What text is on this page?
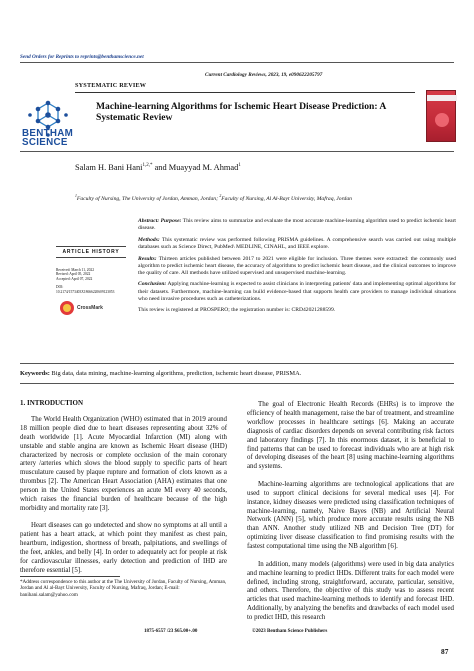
Send Orders for Reprints to reprints@benthamscience.net
Current Cardiology Reviews, 2023, 19, e090622205797
SYSTEMATIC REVIEW
BENTHAM SCIENCE
Machine-learning Algorithms for Ischemic Heart Disease Prediction: A Systematic Review
Salam H. Bani Hani$^{1,2,*}$ and Muayyad M. Ahmad$^1$
$^1$Faculty of Nursing, The University of Jordan, Amman, Jordan; $^2$Faculty of Nursing, Al Al-Bayt University, Mafraq, Jordan
ARTICLE HISTORY
Received: March 11, 2022
Revised: April 05, 2022
Accepted: April 07, 2022
DOI:
10.2174/1573403X18666220609123053
CrossMark

Abstract: Purpose: This review aims to summarize and evaluate the most accurate machine-learning algorithm used to predict ischemic heart disease.

Methods: This systematic review was performed following PRISMA guidelines. A comprehensive search was carried out using multiple databases such as Science Direct, PubMed\ MEDLINE, CINAHL, and IEEE explore.

Results: Thirteen articles published between 2017 to 2021 were eligible for inclusion. Three themes were extracted: the commonly used algorithm to predict ischemic heart disease, the accuracy of algorithms to predict ischemic heart disease, and the clinical outcomes to improve the quality of care. All methods have utilized supervised and unsupervised machine-learning.

Conclusion: Applying machine-learning is expected to assist clinicians in interpreting patients' data and implementing optimal algorithms for their datasets. Furthermore, machine-learning can build evidence-based that supports health care providers to manage individual situations who need invasive procedures such as catheterizations.

This review is registered at PROSPERO; the registration number is: CRD42021288599.

Keywords: Big data, data mining, machine-learning algorithms, prediction, ischemic heart disease, PRISMA.
1. INTRODUCTION

The World Health Organization (WHO) estimated that in 2019 around 18 million people died due to heart diseases representing about 32% of death worldwide [1]. Acute Myocardial Infarction (MI) along with unstable and stable angina are known as Ischemic Heart disease (IHD) characterized by necrosis or complete occlusion of the main coronary artery /arteries which slows the blood supply to specific parts of heart musculature caused by plaque rupture and formation of clots known as a thrombus [2]. The American Heart Association (AHA) estimates that one person in the United States experiences an acute MI every 40 seconds, which raises the financial burden of healthcare because of the high morbidity and mortality rate [3].

Heart diseases can go undetected and show no symptoms at all until a patient has a heart attack, at which point they manifest as chest pain, heartburn, indigestion, shortness of breath, palpitations, and swellings of the feet, ankles, and belly [4]. In order to adequately act for people at risk for cardiovascular illnesses, early detection and prediction of IHD are therefore essential [5].

The goal of Electronic Health Records (EHRs) is to improve the efficiency of health management, raise the bar of treatment, and streamline workflow processes in healthcare settings [6]. Making an accurate diagnosis of cardiac disorders depends on several contributing risk factors and laboratory findings [7]. In this enormous dataset, it is beneficial to find patterns that can be used to forecast individuals who are at high risk of developing diseases of the heart [8] using machine-learning algorithms and systems.

Machine-learning algorithms are technological applications that are used to support clinical decisions for several medical uses [4]. For instance, kidney diseases were predicted using classification techniques of machine-learning, namely, Naive Bayes (NB) and Artificial Neural Network (ANN) [5], which produce more accurate results using the NB than ANN. Another study utilized NB and Decision Tree (DT) for optimizing liver disease classification to find promising results with the fastest computational time using the NB algorithm [6].

In addition, many models (algorithms) were used in big data analytics and machine learning to predict IHDs. Different traits for each model were defined, including strong, straightforward, accurate, particular, sensitive, and others. Therefore, the objective of this study was to assess recent articles that used machine-learning methods to identify and forecast IHD. Additionally, by analyzing the benefits and drawbacks of each model used to predict IHD, this research

*Address correspondence to this author at the The University of Jordan, Faculty of Nursing, Amman, Jordan and Al al-Bayt University, Faculty of Nursing, Mafraq, Jordan; E-mail: banihani.salam@yahoo.com
1875-6557 /23 $65.00+.00	©2023 Bentham Science Publishers
87
